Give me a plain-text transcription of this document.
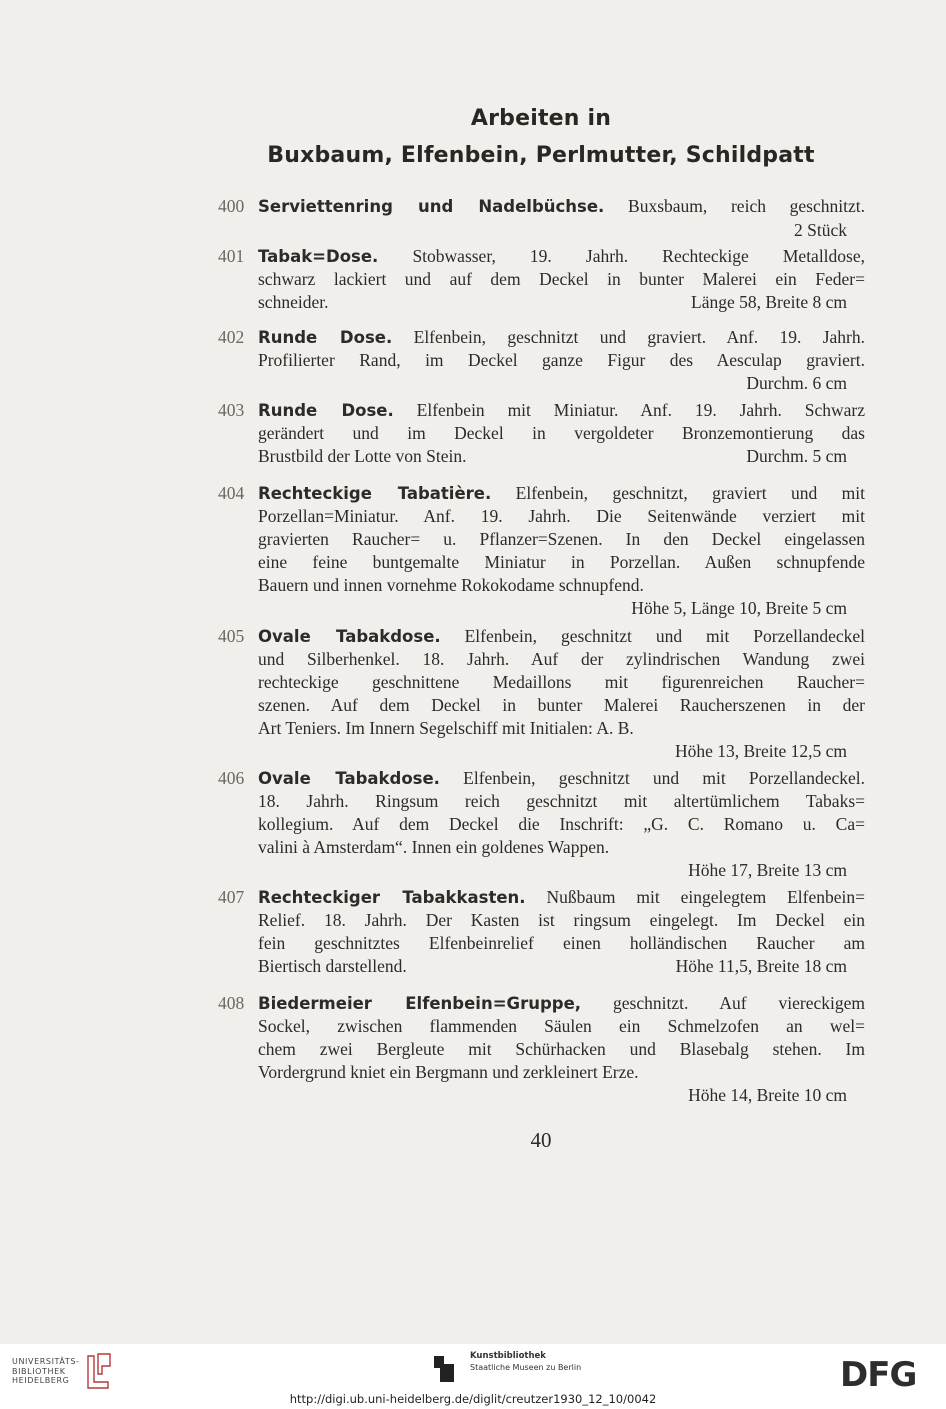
Arbeiten in
Buxbaum, Elfenbein, Perlmutter, Schildpatt
400 Serviettenring und Nadelbüchse. Buxsbaum, reich geschnitzt.
2 Stück
401 Tabak=Dose. Stobwasser, 19. Jahrh. Rechteckige Metalldose,
schwarz lackiert und auf dem Deckel in bunter Malerei ein Feder=
schneider.	Länge 58, Breite 8 cm
402 Runde Dose. Elfenbein, geschnitzt und graviert. Anf. 19. Jahrh.
Profilierter Rand, im Deckel ganze Figur des Aesculap graviert.
Durchm. 6 cm
403 Runde Dose. Elfenbein mit Miniatur. Anf. 19. Jahrh. Schwarz
gerändert und im Deckel in vergoldeter Bronzemontierung das
Brustbild der Lotte von Stein.	Durchm. 5 cm
404 Rechteckige Tabatière. Elfenbein, geschnitzt, graviert und mit
Porzellan=Miniatur. Anf. 19. Jahrh. Die Seitenwände verziert mit
gravierten Raucher= u. Pflanzer=Szenen. In den Deckel eingelassen
eine feine buntgemalte Miniatur in Porzellan. Außen schnupfende
Bauern und innen vornehme Rokokodame schnupfend.
Höhe 5, Länge 10, Breite 5 cm
405 Ovale Tabakdose. Elfenbein, geschnitzt und mit Porzellandeckel
und Silberhenkel. 18. Jahrh. Auf der zylindrischen Wandung zwei
rechteckige geschnittene Medaillons mit figurenreichen Raucher=
szenen. Auf dem Deckel in bunter Malerei Raucherszenen in der
Art Teniers. Im Innern Segelschiff mit Initialen: A. B.
Höhe 13, Breite 12,5 cm
406 Ovale Tabakdose. Elfenbein, geschnitzt und mit Porzellandeckel.
18. Jahrh. Ringsum reich geschnitzt mit altertümlichem Tabaks=
kollegium. Auf dem Deckel die Inschrift: „G. C. Romano u. Ca=
valini à Amsterdam“. Innen ein goldenes Wappen.
Höhe 17, Breite 13 cm
407 Rechteckiger Tabakkasten. Nußbaum mit eingelegtem Elfenbein=
Relief. 18. Jahrh. Der Kasten ist ringsum eingelegt. Im Deckel ein
fein geschnitztes Elfenbeinrelief einen holländischen Raucher am
Biertisch darstellend.	Höhe 11,5, Breite 18 cm
408 Biedermeier Elfenbein=Gruppe, geschnitzt. Auf viereckigem
Sockel, zwischen flammenden Säulen ein Schmelzofen an wel=
chem zwei Bergleute mit Schürhacken und Blasebalg stehen. Im
Vordergrund kniet ein Bergmann und zerkleinert Erze.
Höhe 14, Breite 10 cm
40
UNIVERSITÄTS-
BIBLIOTHEK
HEIDELBERG
Kunstbibliothek
Staatliche Museen zu Berlin	DFG
http://digi.ub.uni-heidelberg.de/diglit/creutzer1930_12_10/0042
